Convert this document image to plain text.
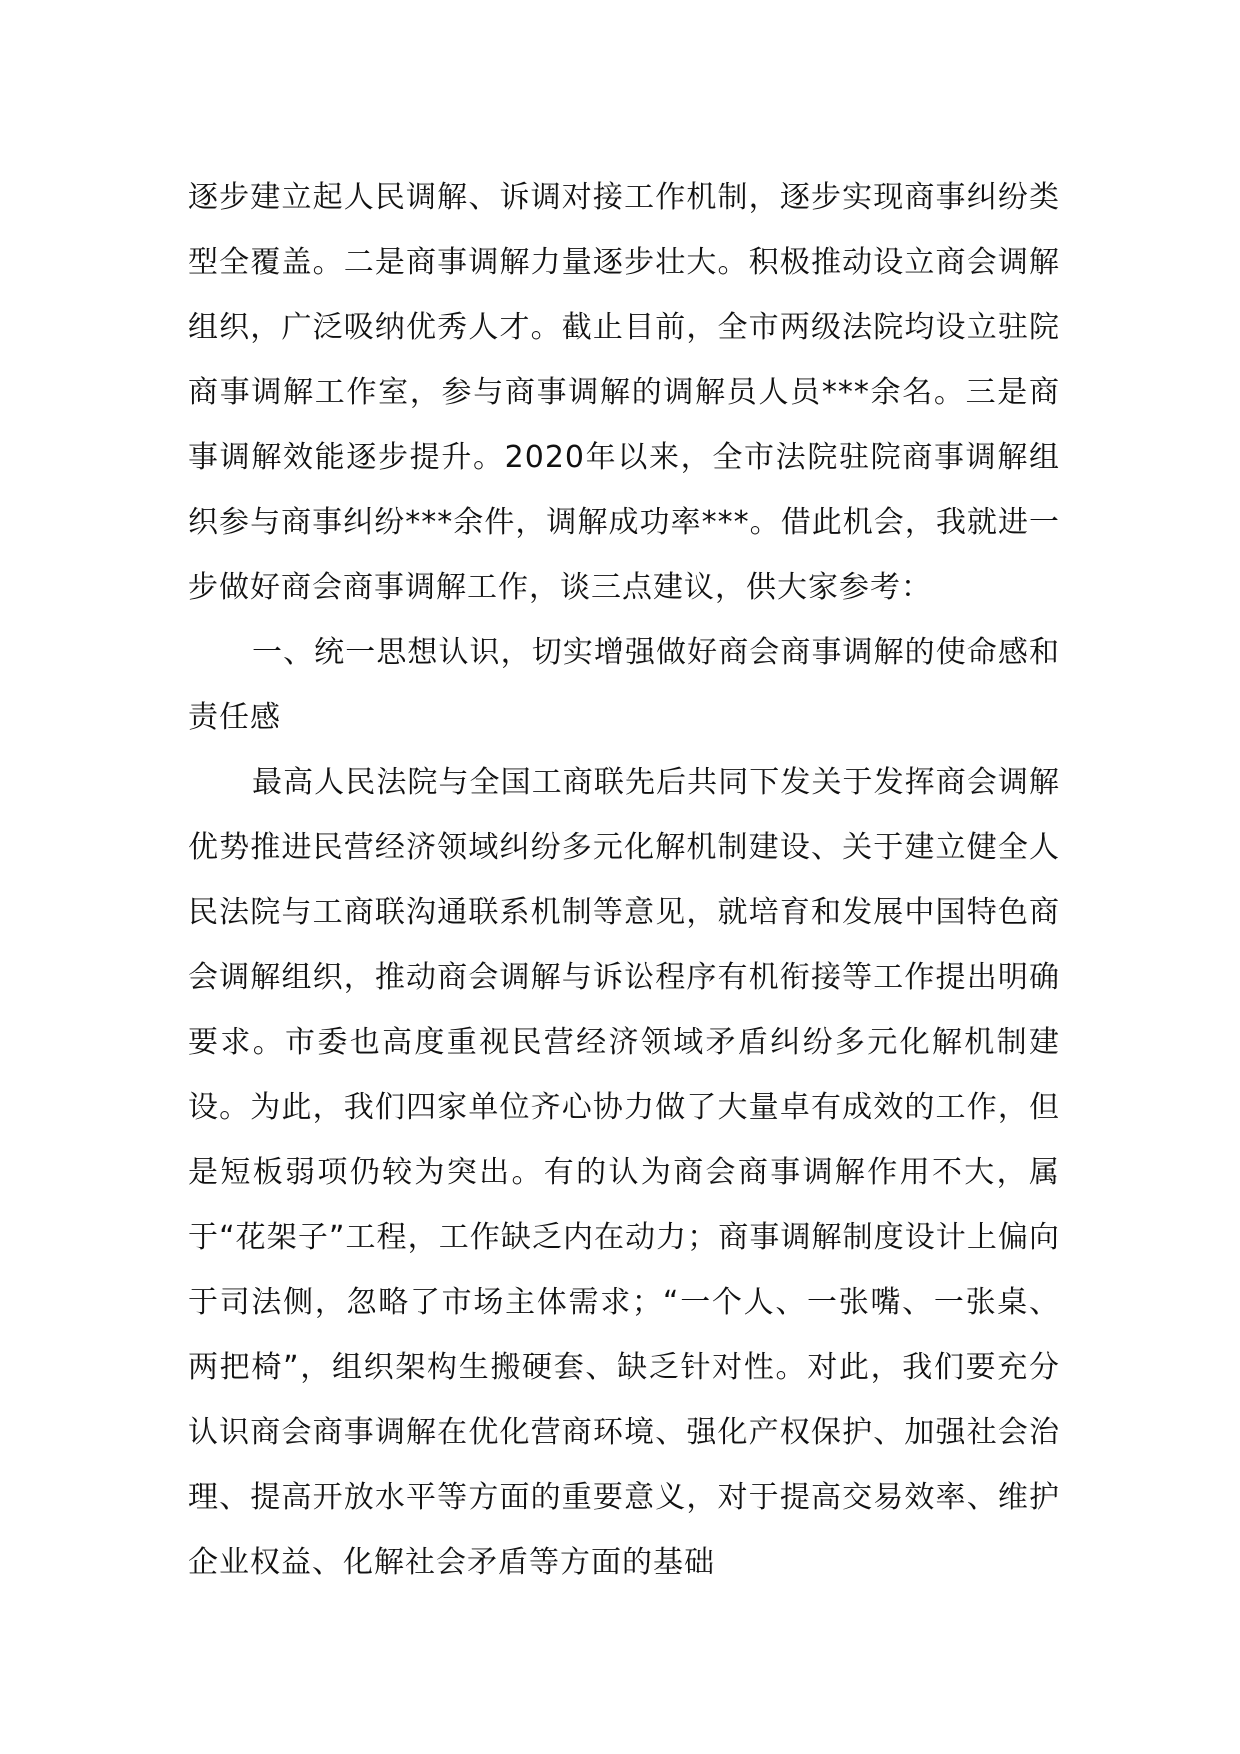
逐步建立起人民调解、诉调对接工作机制，逐步实现商事纠纷类型全覆盖。二是商事调解力量逐步壮大。积极推动设立商会调解组织，广泛吸纳优秀人才。截止目前，全市两级法院均设立驻院商事调解工作室，参与商事调解的调解员人员***余名。三是商事调解效能逐步提升。2020年以来，全市法院驻院商事调解组织参与商事纠纷***余件，调解成功率***。借此机会，我就进一步做好商会商事调解工作，谈三点建议，供大家参考：

一、统一思想认识，切实增强做好商会商事调解的使命感和责任感

最高人民法院与全国工商联先后共同下发关于发挥商会调解优势推进民营经济领域纠纷多元化解机制建设、关于建立健全人民法院与工商联沟通联系机制等意见，就培育和发展中国特色商会调解组织，推动商会调解与诉讼程序有机衔接等工作提出明确要求。市委也高度重视民营经济领域矛盾纠纷多元化解机制建设。为此，我们四家单位齐心协力做了大量卓有成效的工作，但是短板弱项仍较为突出。有的认为商会商事调解作用不大，属于“花架子”工程，工作缺乏内在动力；商事调解制度设计上偏向于司法侧，忽略了市场主体需求；“一个人、一张嘴、一张桌、两把椅”，组织架构生搬硬套、缺乏针对性。对此，我们要充分认识商会商事调解在优化营商环境、强化产权保护、加强社会治理、提高开放水平等方面的重要意义，对于提高交易效率、维护企业权益、化解社会矛盾等方面的基础
